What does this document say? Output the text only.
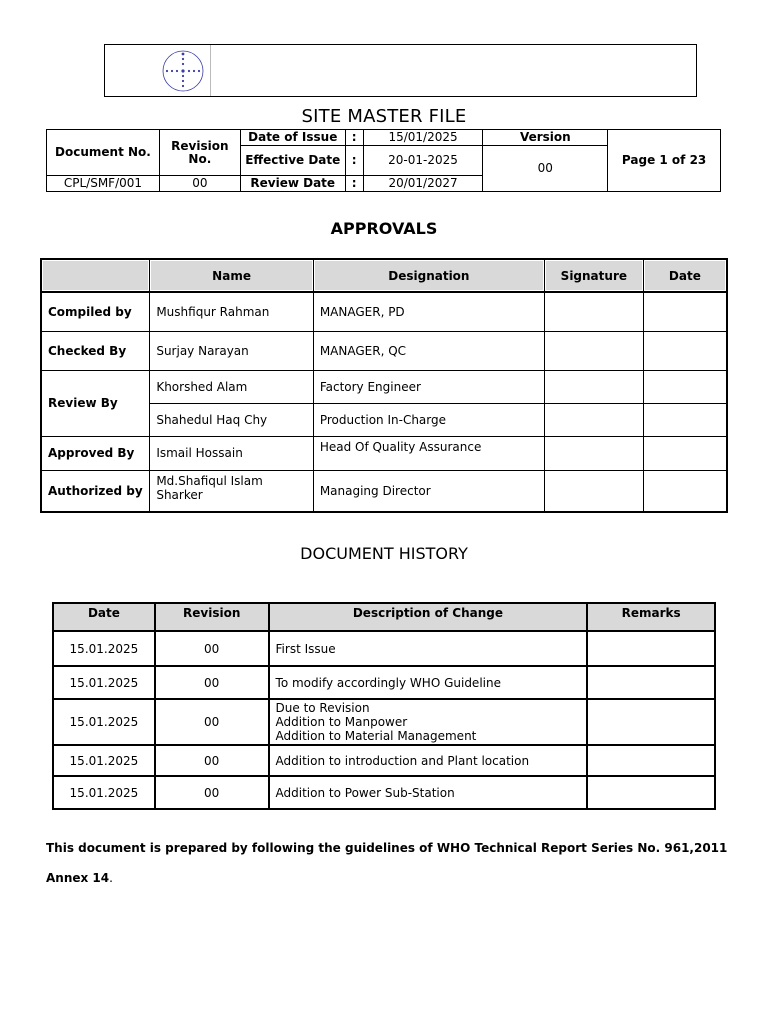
SITE MASTER FILE
Document No.	Revision No.	Date of Issue	:	15/01/2025	Version	Page 1 of 23
		Effective Date	:	20-01-2025	00	
CPL/SMF/001	00	Review Date	:	20/01/2027		
APPROVALS
	Name	Designation	Signature	Date
Compiled by	Mushfiqur Rahman	MANAGER, PD		
Checked By	Surjay Narayan	MANAGER, QC		
Review By	Khorshed Alam	Factory Engineer		
	Shahedul Haq Chy	Production In-Charge		
Approved By	Ismail Hossain	Head Of Quality Assurance		
Authorized by	Md.Shafiqul Islam Sharker	Managing Director		
DOCUMENT HISTORY
Date	Revision	Description of Change	Remarks
15.01.2025	00	First Issue	

15.01.2025	00	To modify accordingly WHO Guideline	

15.01.2025	00	Due to Revision
Addition to Manpower
Addition to Material Management	

15.01.2025	00	Addition to introduction and Plant location	

15.01.2025	00	Addition to Power Sub-Station	

This document is prepared by following the guidelines of WHO Technical Report Series No. 961,2011
Annex 14.
